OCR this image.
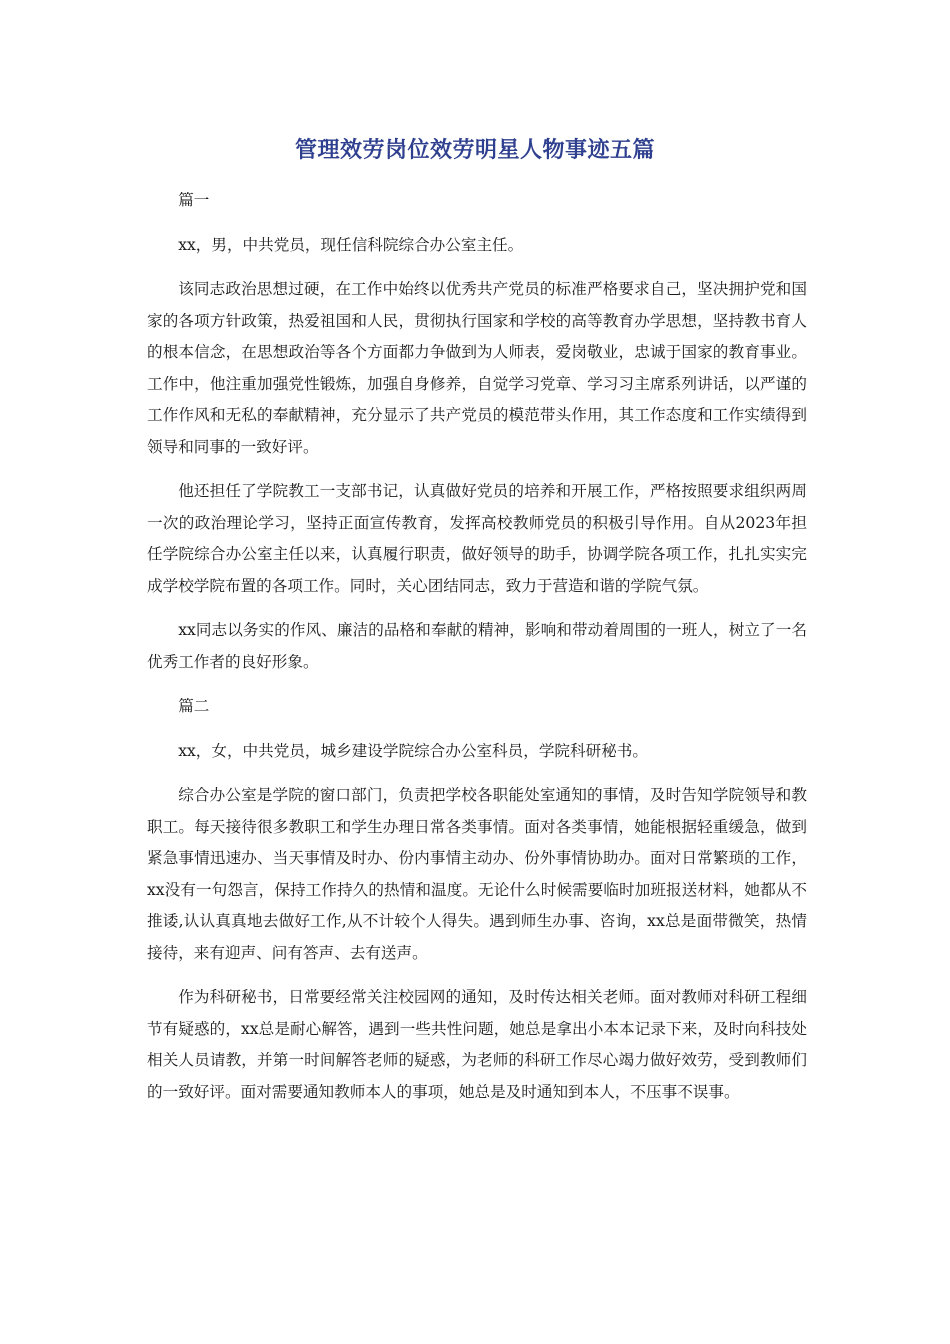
管理效劳岗位效劳明星人物事迹五篇

篇一

xx，男，中共党员，现任信科院综合办公室主任。

该同志政治思想过硬，在工作中始终以优秀共产党员的标准严格要求自己，坚决拥护党和国家的各项方针政策，热爱祖国和人民，贯彻执行国家和学校的高等教育办学思想，坚持教书育人的根本信念，在思想政治等各个方面都力争做到为人师表，爱岗敬业，忠诚于国家的教育事业。工作中，他注重加强党性锻炼，加强自身修养，自觉学习党章、学习习主席系列讲话，以严谨的工作作风和无私的奉献精神，充分显示了共产党员的模范带头作用，其工作态度和工作实绩得到领导和同事的一致好评。

他还担任了学院教工一支部书记，认真做好党员的培养和开展工作，严格按照要求组织两周一次的政治理论学习，坚持正面宣传教育，发挥高校教师党员的积极引导作用。自从2023年担任学院综合办公室主任以来，认真履行职责，做好领导的助手，协调学院各项工作，扎扎实实完成学校学院布置的各项工作。同时，关心团结同志，致力于营造和谐的学院气氛。

xx同志以务实的作风、廉洁的品格和奉献的精神，影响和带动着周围的一班人，树立了一名优秀工作者的良好形象。

篇二

xx，女，中共党员，城乡建设学院综合办公室科员，学院科研秘书。

综合办公室是学院的窗口部门，负责把学校各职能处室通知的事情，及时告知学院领导和教职工。每天接待很多教职工和学生办理日常各类事情。面对各类事情，她能根据轻重缓急，做到紧急事情迅速办、当天事情及时办、份内事情主动办、份外事情协助办。面对日常繁琐的工作，xx没有一句怨言，保持工作持久的热情和温度。无论什么时候需要临时加班报送材料，她都从不推诿,认认真真地去做好工作,从不计较个人得失。遇到师生办事、咨询，xx总是面带微笑，热情接待，来有迎声、问有答声、去有送声。

作为科研秘书，日常要经常关注校园网的通知，及时传达相关老师。面对教师对科研工程细节有疑惑的，xx总是耐心解答，遇到一些共性问题，她总是拿出小本本记录下来，及时向科技处相关人员请教，并第一时间解答老师的疑惑，为老师的科研工作尽心竭力做好效劳，受到教师们的一致好评。面对需要通知教师本人的事项，她总是及时通知到本人，不压事不误事。
